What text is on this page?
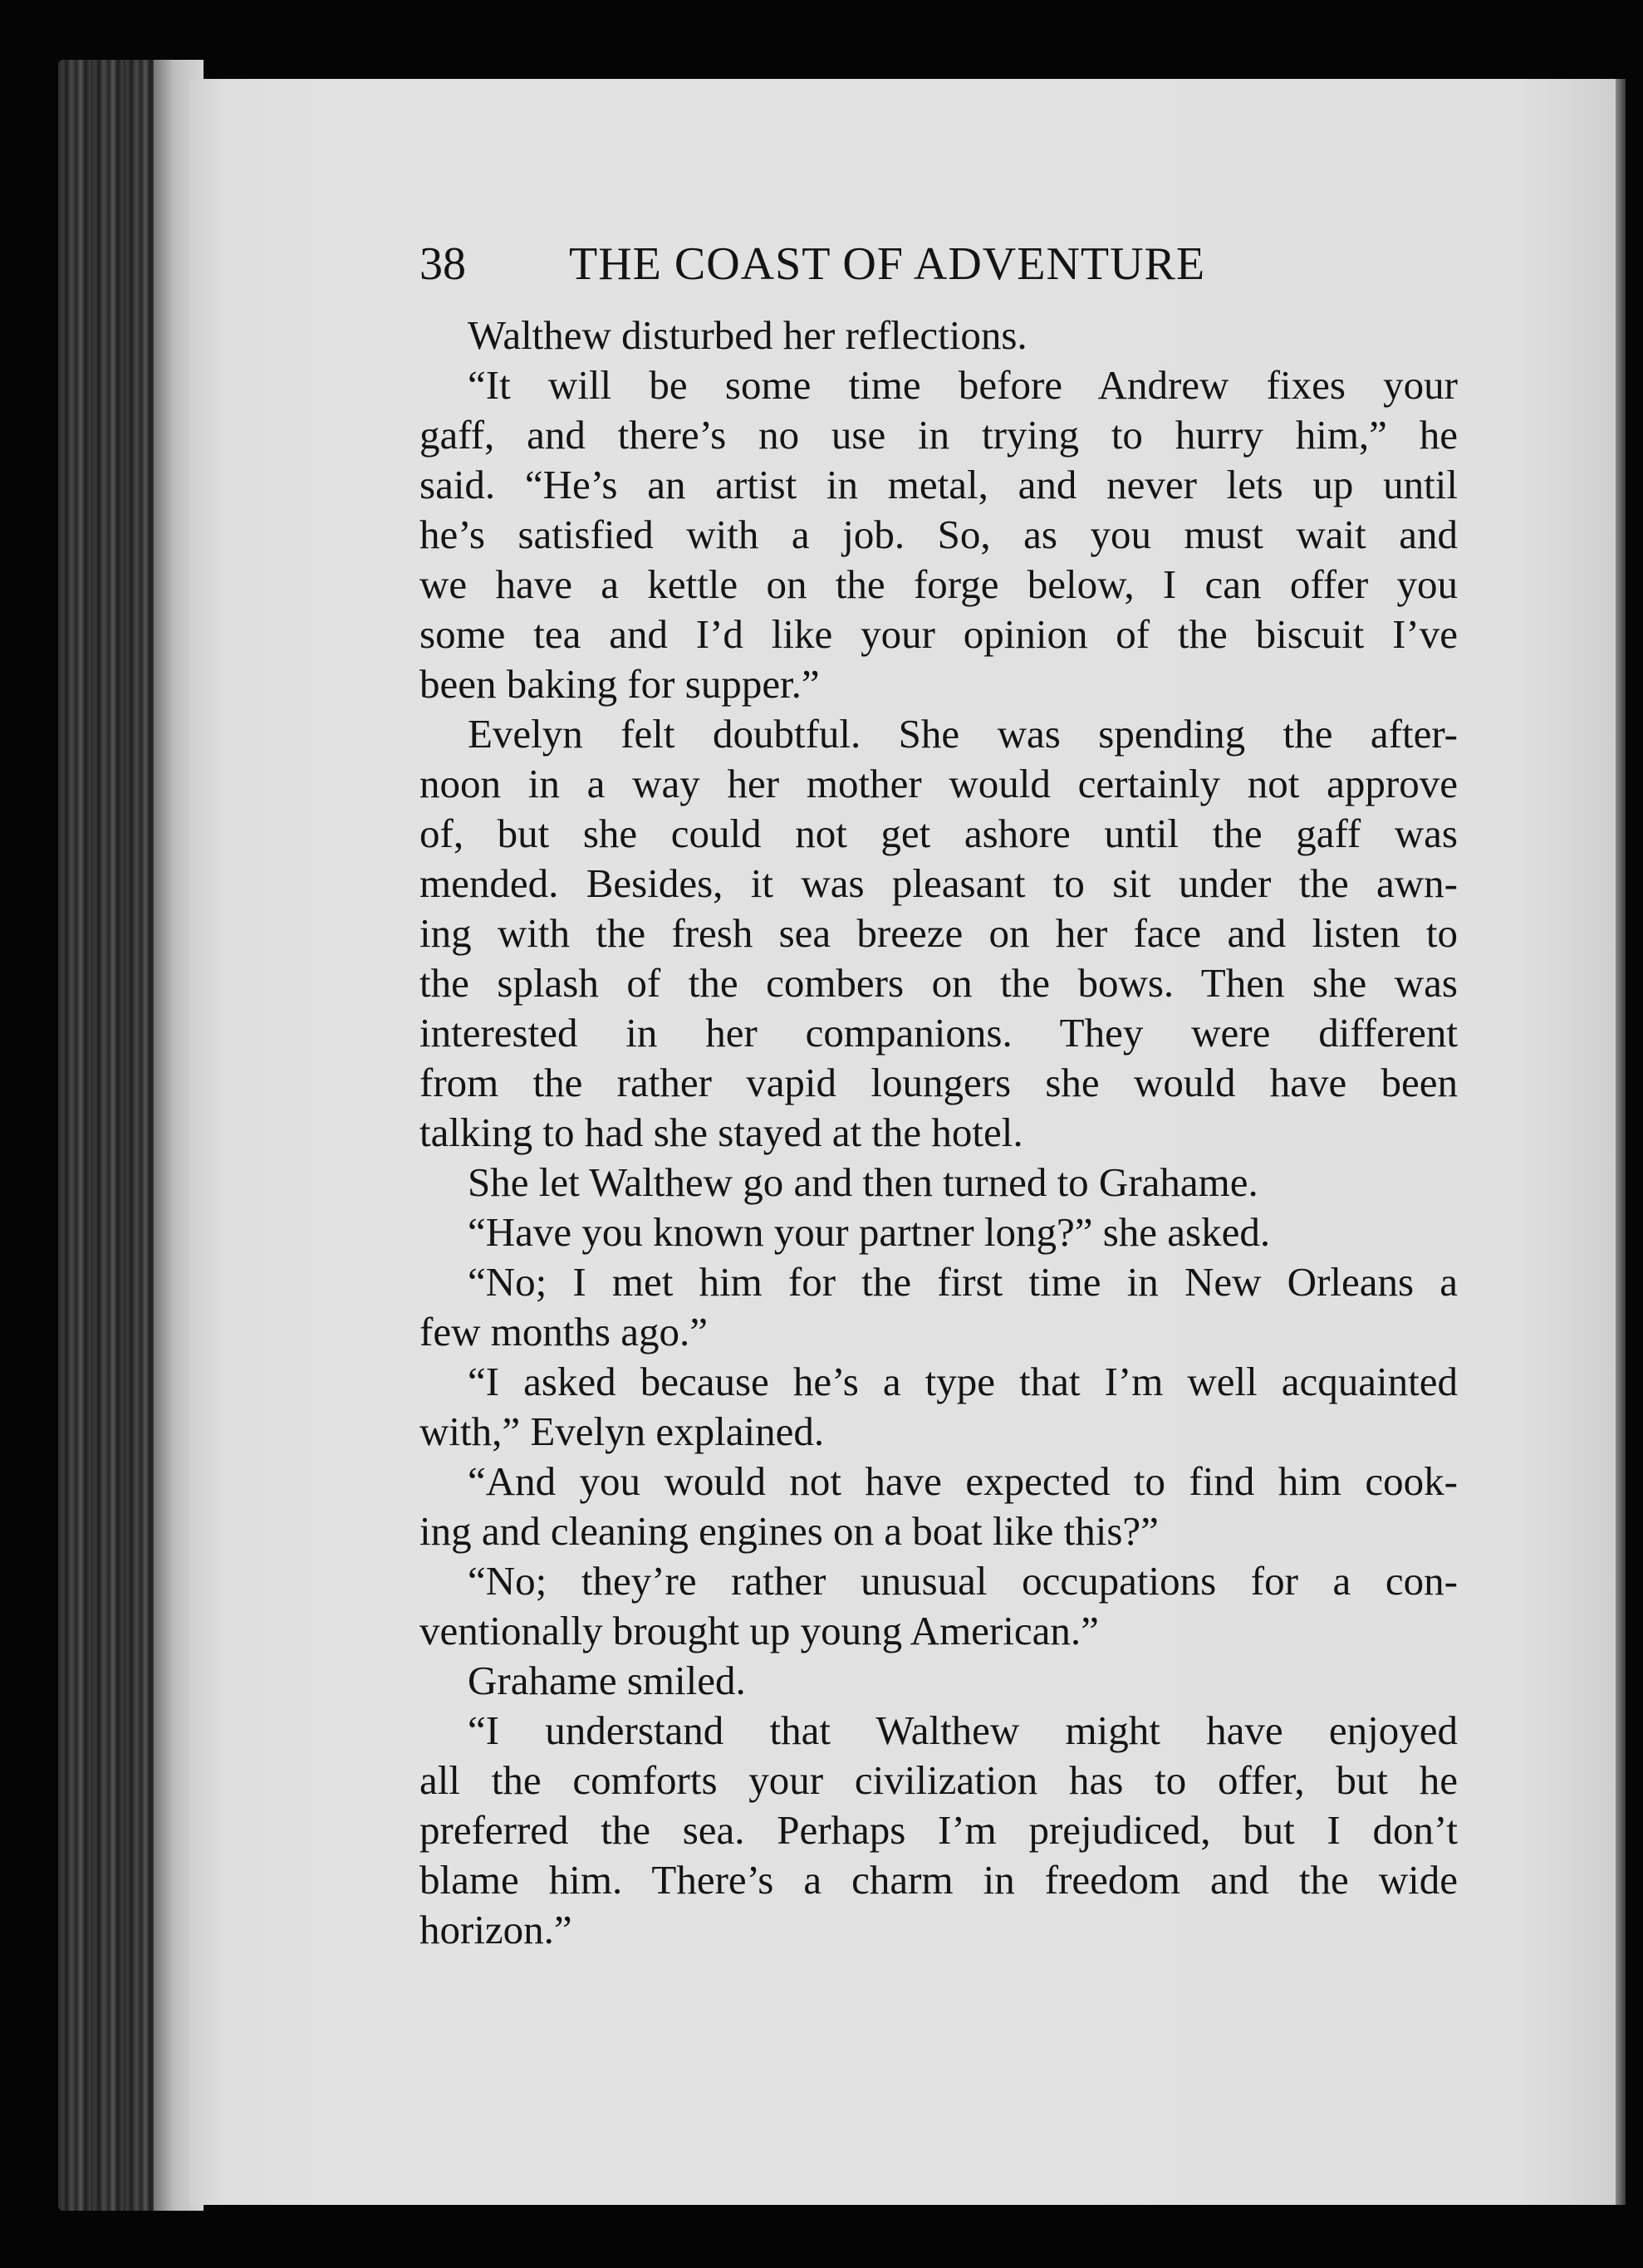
38 THE COAST OF ADVENTURE
Walthew disturbed her reflections.
“It will be some time before Andrew fixes your
gaff, and there’s no use in trying to hurry him,” he
said. “He’s an artist in metal, and never lets up until
he’s satisfied with a job. So, as you must wait and
we have a kettle on the forge below, I can offer you
some tea and I’d like your opinion of the biscuit I’ve
been baking for supper.”
Evelyn felt doubtful. She was spending the after-
noon in a way her mother would certainly not approve
of, but she could not get ashore until the gaff was
mended. Besides, it was pleasant to sit under the awn-
ing with the fresh sea breeze on her face and listen to
the splash of the combers on the bows. Then she was
interested in her companions. They were different
from the rather vapid loungers she would have been
talking to had she stayed at the hotel.
She let Walthew go and then turned to Grahame.
“Have you known your partner long?” she asked.
“No; I met him for the first time in New Orleans a
few months ago.”
“I asked because he’s a type that I’m well acquainted
with,” Evelyn explained.
“And you would not have expected to find him cook-
ing and cleaning engines on a boat like this?”
“No; they’re rather unusual occupations for a con-
ventionally brought up young American.”
Grahame smiled.
“I understand that Walthew might have enjoyed
all the comforts your civilization has to offer, but he
preferred the sea. Perhaps I’m prejudiced, but I don’t
blame him. There’s a charm in freedom and the wide
horizon.”
